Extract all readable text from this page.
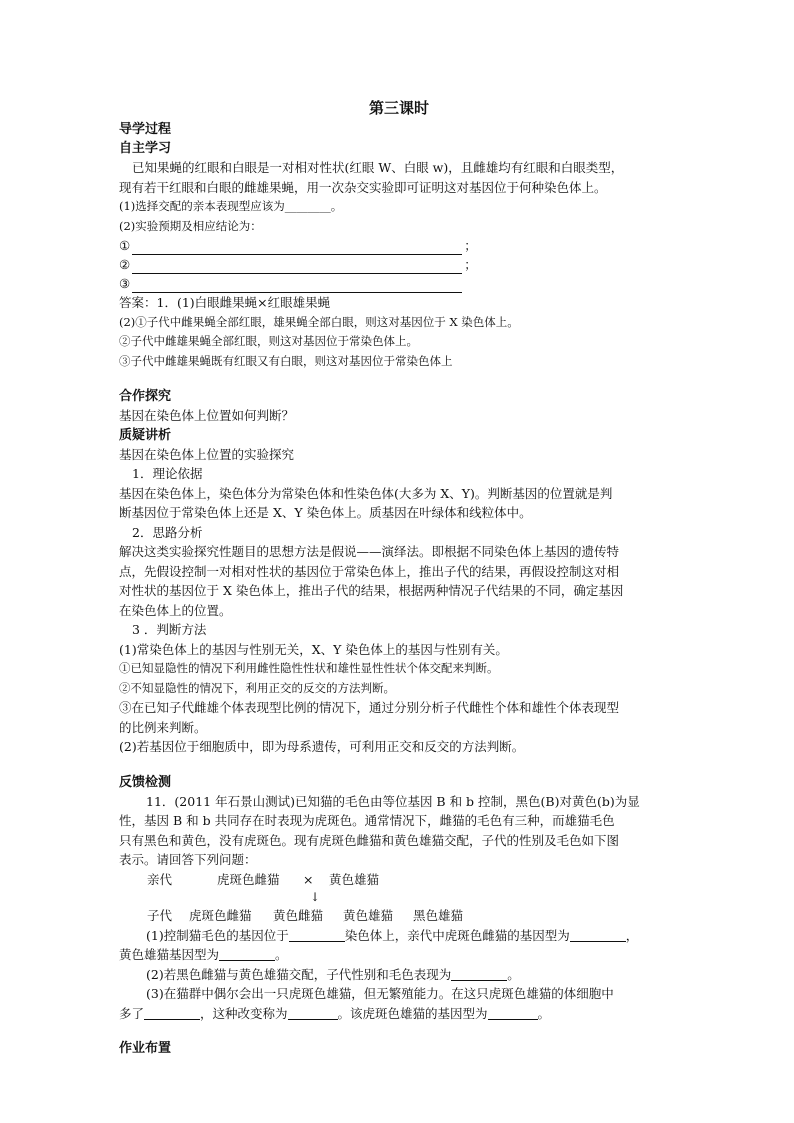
第三课时
导学过程
自主学习
已知果蝇的红眼和白眼是一对相对性状(红眼 W、白眼 w)，且雌雄均有红眼和白眼类型，
现有若干红眼和白眼的雌雄果蝇，用一次杂交实验即可证明这对基因位于何种染色体上。
(1)选择交配的亲本表现型应该为________。
(2)实验预期及相应结论为：
①	；
②	；
③
答案：1．(1)白眼雌果蝇×红眼雄果蝇
(2)①子代中雌果蝇全部红眼，雄果蝇全部白眼，则这对基因位于 X 染色体上。
②子代中雌雄果蝇全部红眼，则这对基因位于常染色体上。
③子代中雌雄果蝇既有红眼又有白眼，则这对基因位于常染色体上
合作探究
基因在染色体上位置如何判断？
质疑讲析
基因在染色体上位置的实验探究
1．理论依据
基因在染色体上，染色体分为常染色体和性染色体(大多为 X、Y)。判断基因的位置就是判
断基因位于常染色体上还是 X、Y 染色体上。质基因在叶绿体和线粒体中。
2．思路分析
解决这类实验探究性题目的思想方法是假说——演绎法。即根据不同染色体上基因的遗传特
点，先假设控制一对相对性状的基因位于常染色体上，推出子代的结果，再假设控制这对相
对性状的基因位于 X 染色体上，推出子代的结果，根据两种情况子代结果的不同，确定基因
在染色体上的位置。
3 ．判断方法
(1)常染色体上的基因与性别无关，X、Y 染色体上的基因与性别有关。
①已知显隐性的情况下利用雌性隐性性状和雄性显性性状个体交配来判断。
②不知显隐性的情况下，利用正交的反交的方法判断。
③在已知子代雌雄个体表现型比例的情况下，通过分别分析子代雌性个体和雄性个体表现型
的比例来判断。
(2)若基因位于细胞质中，即为母系遗传，可利用正交和反交的方法判断。
反馈检测
11．(2011 年石景山测试)已知猫的毛色由等位基因 B 和 b 控制，黑色(B)对黄色(b)为显
性，基因 B 和 b 共同存在时表现为虎斑色。通常情况下，雌猫的毛色有三种，而雄猫毛色
只有黑色和黄色，没有虎斑色。现有虎斑色雌猫和黄色雄猫交配，子代的性别及毛色如下图
表示。请回答下列问题：
亲代	虎斑色雌猫 × 黄色雄猫
↓
子代 虎斑色雌猫 黄色雌猫 黄色雄猫 黑色雄猫
(1)控制猫毛色的基因位于	染色体上，亲代中虎斑色雌猫的基因型为	，
黄色雄猫基因型为	。
(2)若黑色雌猫与黄色雄猫交配，子代性别和毛色表现为	。
(3)在猫群中偶尔会出一只虎斑色雄猫，但无繁殖能力。在这只虎斑色雄猫的体细胞中
多了	，这种改变称为	。该虎斑色雄猫的基因型为	。
作业布置
